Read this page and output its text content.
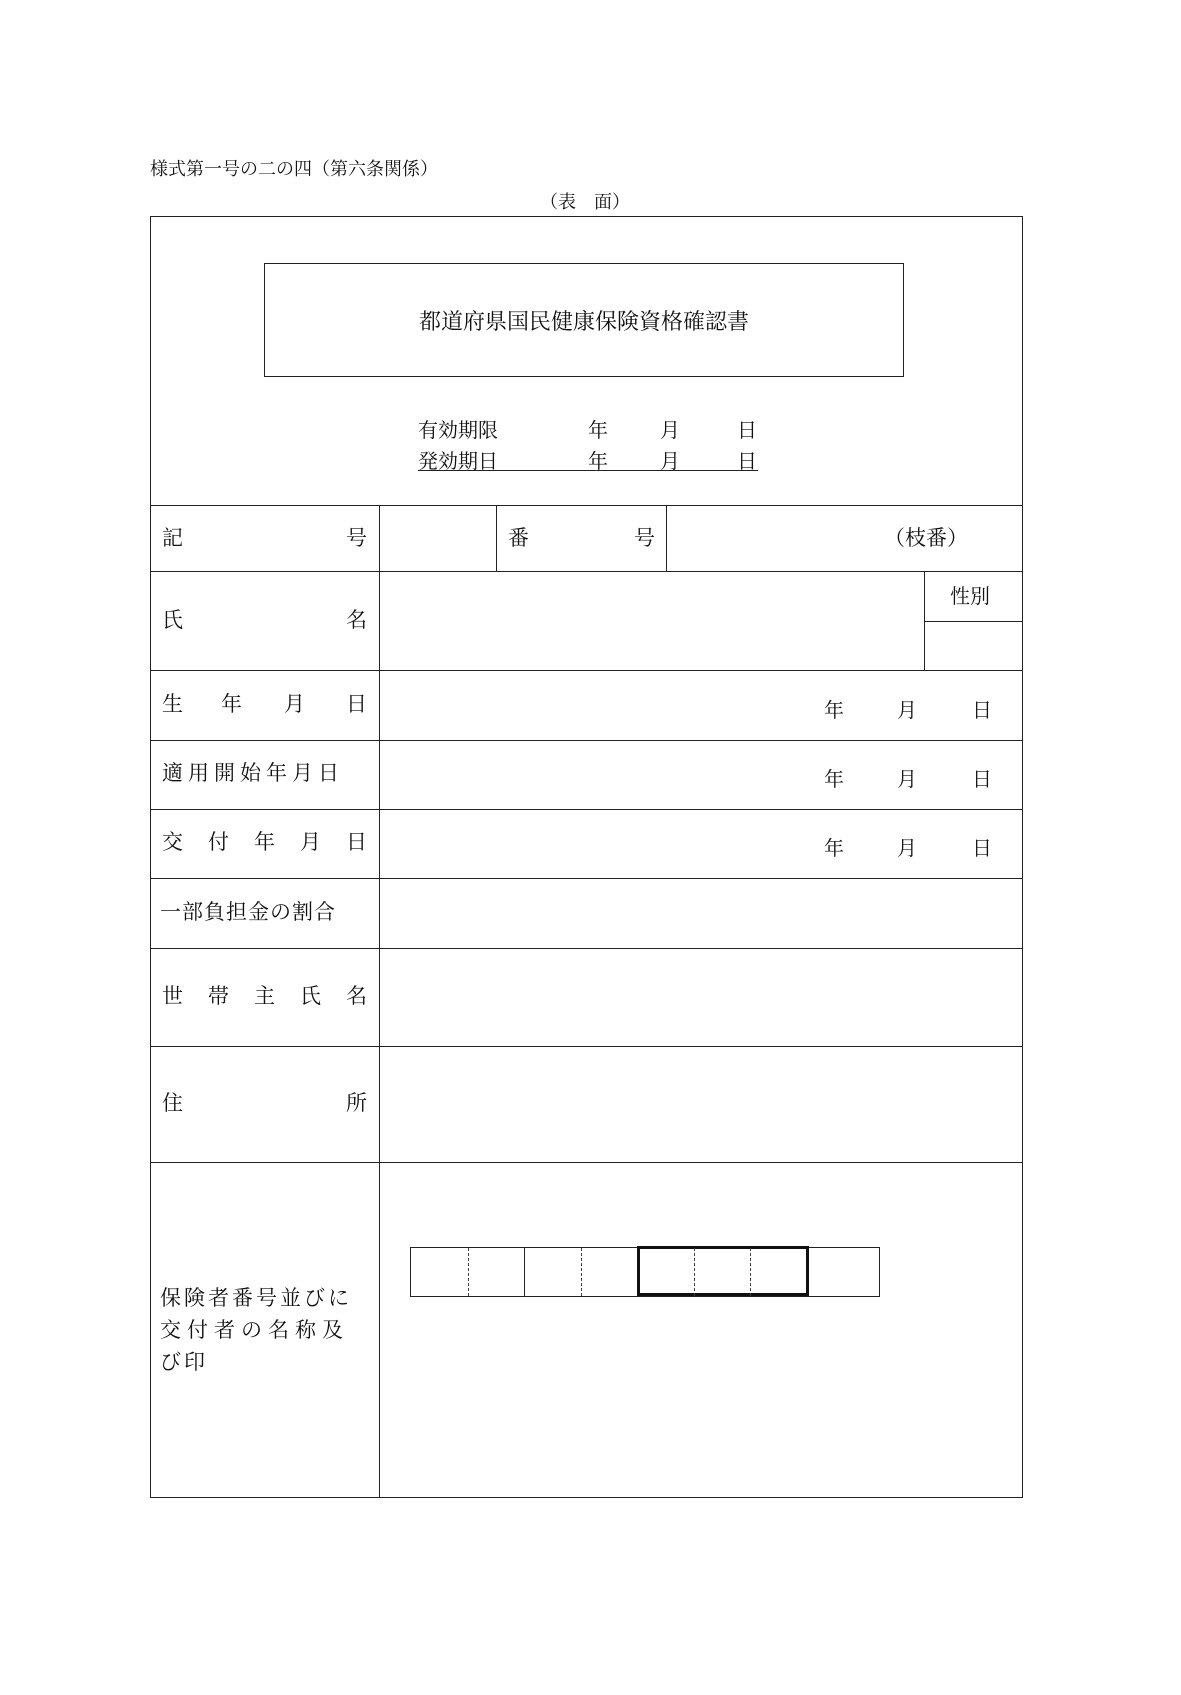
様式第一号の二の四（第六条関係）
（表　面）
都道府県国民健康保険資格確認書
有効期限	年	月	日
発効期日	年	月	日
記	号	番	号	（枝番）
氏	名
性別
生 年 月 日	年	月	日
適用開始年月日	年	月	日
交 付 年 月 日	年	月	日
一部負担金の割合
世 帯 主 氏 名
住	所
保険者番号並びに
交付者の名称及
び印
